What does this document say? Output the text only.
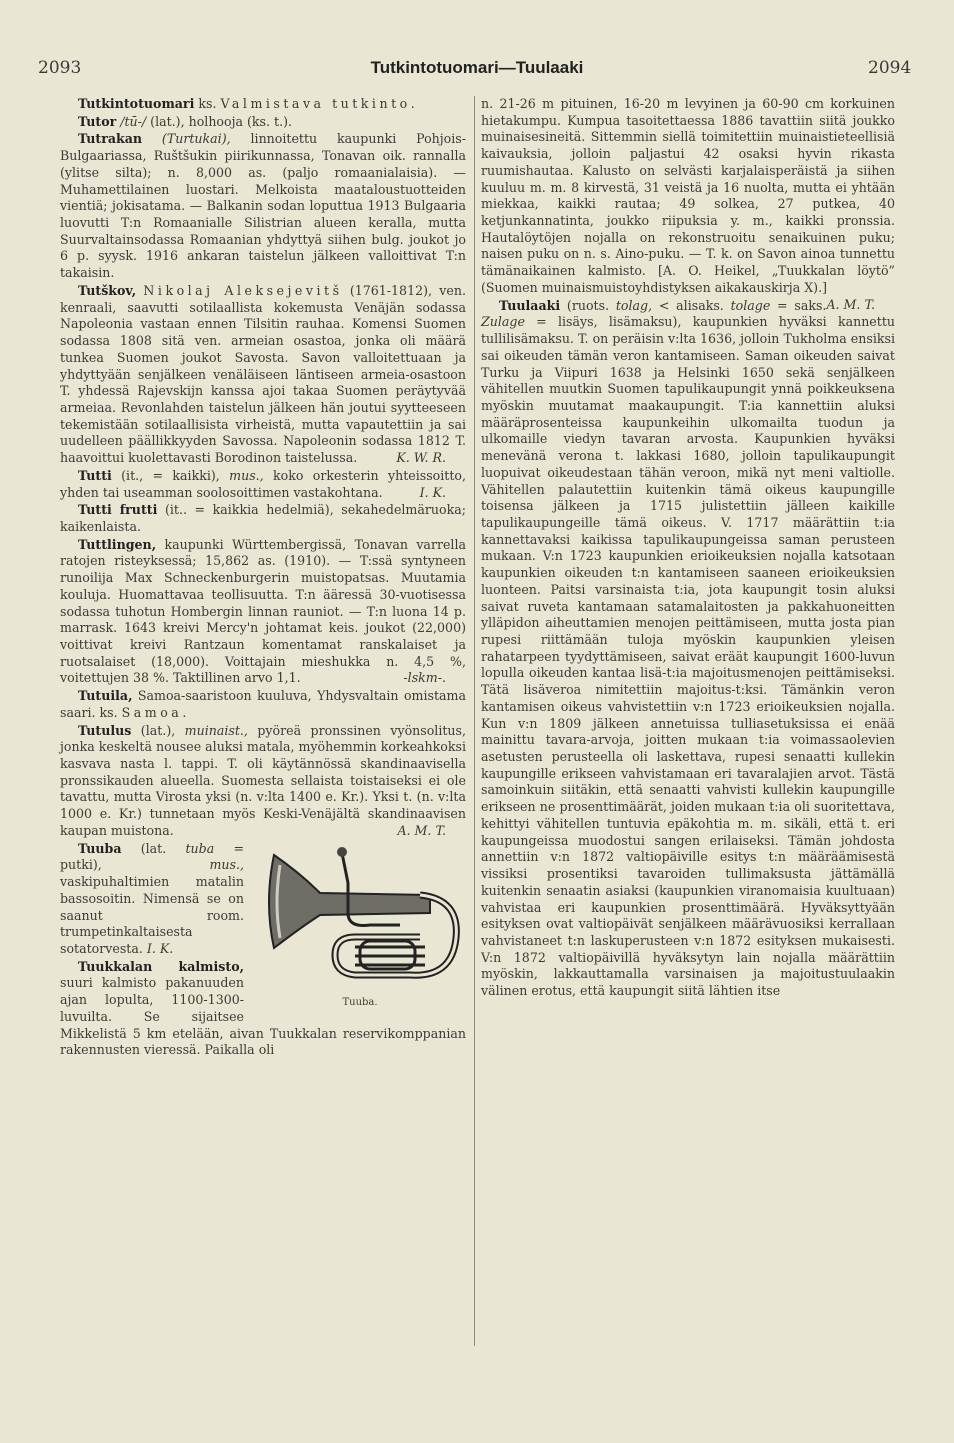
2093	Tutkintotuomari—Tuulaaki	2094

Tutkintotuomari ks. Valmistava tutkinto.

Tutor /tū-/ (lat.), holhooja (ks. t.).

Tutrakan (Turtukai), linnoitettu kaupunki Pohjois-Bulgaariassa, Ruštšukin piirikunnassa, Tonavan oik. rannalla (ylitse silta); n. 8,000 as. (paljo romaanialaisia). — Muhamettilainen luostari. Melkoista maataloustuotteiden vientiä; jokisatama. — Balkanin sodan loputtua 1913 Bulgaaria luovutti T:n Romaanialle Silistrian alueen keralla, mutta Suurvaltainsodassa Romaanian yhdyttyä siihen bulg. joukot jo 6 p. syysk. 1916 ankaran taistelun jälkeen valloittivat T:n takaisin.

Tutškov, Nikolaj Aleksejevitš (1761-1812), ven. kenraali, saavutti sotilaallista kokemusta Venäjän sodassa Napoleonia vastaan ennen Tilsitin rauhaa. Komensi Suomen sodassa 1808 sitä ven. armeian osastoa, jonka oli määrä tunkea Suomen joukot Savosta. Savon valloitettuaan ja yhdyttyään senjälkeen venäläiseen läntiseen armeia-osastoon T. yhdessä Rajevskijn kanssa ajoi takaa Suomen peräytyvää armeiaa. Revonlahden taistelun jälkeen hän joutui syytteeseen tekemistään sotilaallisista virheistä, mutta vapautettiin ja sai uudelleen päällikkyyden Savossa. Napoleonin sodassa 1812 T. haavoittui kuolettavasti Borodinon taistelussa.	K. W. R.

Tutti (it., = kaikki), mus., koko orkesterin yhteissoitto, yhden tai useamman soolosoittimen vastakohtana.	I. K.

Tutti frutti (it.. = kaikkia hedelmiä), sekahedelmäruoka; kaikenlaista.

Tuttlingen, kaupunki Württembergissä, Tonavan varrella ratojen risteyksessä; 15,862 as. (1910). — T:ssä syntyneen runoilija Max Schneckenburgerin muistopatsas. Muutamia kouluja. Huomattavaa teollisuutta. T:n ääressä 30-vuotisessa sodassa tuhotun Hombergin linnan rauniot. — T:n luona 14 p. marrask. 1643 kreivi Mercy'n johtamat keis. joukot (22,000) voittivat kreivi Rantzaun komentamat ranskalaiset ja ruotsalaiset (18,000). Voittajain mieshukka n. 4,5 %, voitettujen 38 %. Taktillinen arvo 1,1.	-lskm-.

Tutuila, Samoa-saaristoon kuuluva, Yhdysvaltain omistama saari. ks. Samoa.

Tutulus (lat.), muinaist., pyöreä pronssinen vyönsolitus, jonka keskeltä nousee aluksi matala, myöhemmin korkeahkoksi kasvava nasta l. tappi. T. oli käytännössä skandinaavisella pronssikauden alueella. Suomesta sellaista toistaiseksi ei ole tavattu, mutta Virosta yksi (n. v:lta 1400 e. Kr.). Yksi t. (n. v:lta 1000 e. Kr.) tunnetaan myös Keski-Venäjältä skandinaavisen kaupan muistona.	A. M. T.

Tuuba.
Tuuba (lat. tuba = putki), mus., vaskipuhaltimien matalin bassosoitin. Nimensä se on saanut room. trumpetinkaltaisesta sotatorvesta. I. K.

Tuukkalan kalmisto, suuri kalmisto pakanuuden ajan lopulta, 1100-1300-luvuilta. Se sijaitsee Mikkelistä 5 km etelään, aivan Tuukkalan reservikomppanian rakennusten vieressä. Paikalla oli

n. 21-26 m pituinen, 16-20 m levyinen ja 60-90 cm korkuinen hietakumpu. Kumpua tasoitettaessa 1886 tavattiin siitä joukko muinaisesineitä. Sittemmin siellä toimitettiin muinaistieteellisiä kaivauksia, jolloin paljastui 42 osaksi hyvin rikasta ruumishautaa. Kalusto on selvästi karjalaisperäistä ja siihen kuuluu m. m. 8 kirvestä, 31 veistä ja 16 nuolta, mutta ei yhtään miekkaa, kaikki rautaa; 49 solkea, 27 putkea, 40 ketjunkannatinta, joukko riipuksia y. m., kaikki pronssia. Hautalöytöjen nojalla on rekonstruoitu senaikuinen puku; naisen puku on n. s. Aino-puku. — T. k. on Savon ainoa tunnettu tämänaikainen kalmisto. [A. O. Heikel, „Tuukkalan löytö” (Suomen muinaismuistoyhdistyksen aikakauskirja X).]
A. M. T.

Tuulaaki (ruots. tolag, < alisaks. tolage = saks. Zulage = lisäys, lisämaksu), kaupunkien hyväksi kannettu tullilisämaksu. T. on peräisin v:lta 1636, jolloin Tukholma ensiksi sai oikeuden tämän veron kantamiseen. Saman oikeuden saivat Turku ja Viipuri 1638 ja Helsinki 1650 sekä senjälkeen vähitellen muutkin Suomen tapulikaupungit ynnä poikkeuksena myöskin muutamat maakaupungit. T:ia kannettiin aluksi määräprosenteissa kaupunkeihin ulkomailta tuodun ja ulkomaille viedyn tavaran arvosta. Kaupunkien hyväksi menevänä verona t. lakkasi 1680, jolloin tapulikaupungit luopuivat oikeudestaan tähän veroon, mikä nyt meni valtiolle. Vähitellen palautettiin kuitenkin tämä oikeus kaupungille toisensa jälkeen ja 1715 julistettiin jälleen kaikille tapulikaupungeille tämä oikeus. V. 1717 määrättiin t:ia kannettavaksi kaikissa tapulikaupungeissa saman perusteen mukaan. V:n 1723 kaupunkien erioikeuksien nojalla katsotaan kaupunkien oikeuden t:n kantamiseen saaneen erioikeuksien luonteen. Paitsi varsinaista t:ia, jota kaupungit tosin aluksi saivat ruveta kantamaan satamalaitosten ja pakkahuoneitten ylläpidon aiheuttamien menojen peittämiseen, mutta josta pian rupesi riittämään tuloja myöskin kaupunkien yleisen rahatarpeen tyydyttämiseen, saivat eräät kaupungit 1600-luvun lopulla oikeuden kantaa lisä-t:ia majoitusmenojen peittämiseksi. Tätä lisäveroa nimitettiin majoitus-t:ksi. Tämänkin veron kantamisen oikeus vahvistettiin v:n 1723 erioikeuksien nojalla. Kun v:n 1809 jälkeen annetuissa tulliasetuksissa ei enää mainittu tavara-arvoja, joitten mukaan t:ia voimassaolevien asetusten perusteella oli laskettava, rupesi senaatti kullekin kaupungille erikseen vahvistamaan eri tavaralajien arvot. Tästä samoinkuin siitäkin, että senaatti vahvisti kullekin kaupungille erikseen ne prosenttimäärät, joiden mukaan t:ia oli suoritettava, kehittyi vähitellen tuntuvia epäkohtia m. m. sikäli, että t. eri kaupungeissa muodostui sangen erilaiseksi. Tämän johdosta annettiin v:n 1872 valtiopäiville esitys t:n määräämisestä vissiksi prosentiksi tavaroiden tullimaksusta jättämällä kuitenkin senaatin asiaksi (kaupunkien viranomaisia kuultuaan) vahvistaa eri kaupunkien prosenttimäärä. Hyväksyttyään esityksen ovat valtiopäivät senjälkeen määrävuosiksi kerrallaan vahvistaneet t:n laskuperusteen v:n 1872 esityksen mukaisesti. V:n 1872 valtiopäivillä hyväksytyn lain nojalla määrättiin myöskin, lakkauttamalla varsinaisen ja majoitustuulaakin välinen erotus, että kaupungit siitä lähtien itse
